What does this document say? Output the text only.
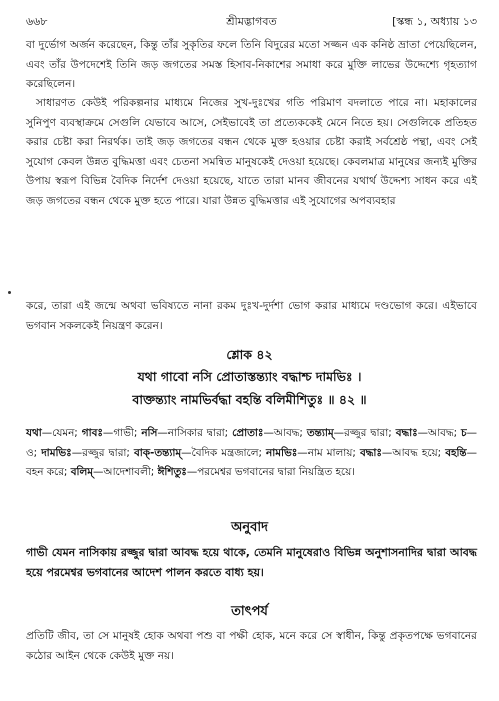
৬৬৮	শ্রীমদ্ভাগবত	[স্কন্ধ ১, অধ্যায় ১৩
বা দুর্ভোগ অর্জন করেছেন, কিন্তু তাঁর সুকৃতির ফলে তিনি বিদুরের মতো সজ্জন এক কনিষ্ঠ ভ্রাতা পেয়েছিলেন, এবং তাঁর উপদেশেই তিনি জড় জগতের সমস্ত হিসাব-নিকাশের সমাধা করে মুক্তি লাভের উদ্দেশ্যে গৃহত্যাগ করেছিলেন।
সাধারণত কেউই পরিকল্পনার মাধ্যমে নিজের সুখ-দুঃখের গতি পরিমাণ বদলাতে পারে না। মহাকালের সুনিপুণ ব্যবস্থাক্রমে সেগুলি যেভাবে আসে, সেইভাবেই তা প্রত্যেককেই মেনে নিতে হয়। সেগুলিকে প্রতিহত করার চেষ্টা করা নিরর্থক। তাই জড় জগতের বন্ধন থেকে মুক্ত হওয়ার চেষ্টা করাই সর্বশ্রেষ্ঠ পন্থা, এবং সেই সুযোগ কেবল উন্নত বুদ্ধিমত্তা এবং চেতনা সমন্বিত মানুষকেই দেওয়া হয়েছে। কেবলমাত্র মানুষের জন্যই মুক্তির উপায় স্বরূপ বিভিন্ন বৈদিক নির্দেশ দেওয়া হয়েছে, যাতে তারা মানব জীবনের যথার্থ উদ্দেশ্য সাধন করে এই জড় জগতের বন্ধন থেকে মুক্ত হতে পারে। যারা উন্নত বুদ্ধিমত্তার এই সুযোগের অপব্যবহার
করে, তারা এই জন্মে অথবা ভবিষ্যতে নানা রকম দুঃখ-দুর্দশা ভোগ করার মাধ্যমে দণ্ডভোগ করে। এইভাবে ভগবান সকলকেই নিয়ন্ত্রণ করেন।
শ্লোক ৪২
যথা গাবো নসি প্রোতাস্তন্ত্যাং বদ্ধাশ্চ দামভিঃ ।
বাক্তন্ত্যাং নামভির্বদ্ধা বহন্তি বলিমীশিতুঃ ॥ ৪২ ॥
যথা—যেমন; গাবঃ—গাভী; নসি—নাসিকার দ্বারা; প্রোতাঃ—আবদ্ধ; তন্ত্যাম্—রজ্জুর দ্বারা; বদ্ধাঃ—আবদ্ধ; চ—ও; দামভিঃ—রজ্জুর দ্বারা; বাক্-তন্ত্যাম্—বৈদিক মন্ত্রজালে; নামভিঃ—নাম মালায়; বদ্ধাঃ—আবদ্ধ হয়ে; বহন্তি—বহন করে; বলিম্—আদেশাবলী; ঈশিতুঃ—পরমেশ্বর ভগবানের দ্বারা নিয়ন্ত্রিত হয়ে।
অনুবাদ
গাভী যেমন নাসিকায় রজ্জুর দ্বারা আবদ্ধ হয়ে থাকে, তেমনি মানুষেরাও বিভিন্ন অনুশাসনাদির দ্বারা আবদ্ধ হয়ে পরমেশ্বর ভগবানের আদেশ পালন করতে বাধ্য হয়।
তাৎপর্য
প্রতিটি জীব, তা সে মানুষই হোক অথবা পশু বা পক্ষী হোক, মনে করে সে স্বাধীন, কিন্তু প্রকৃতপক্ষে ভগবানের কঠোর আইন থেকে কেউই মুক্ত নয়।
